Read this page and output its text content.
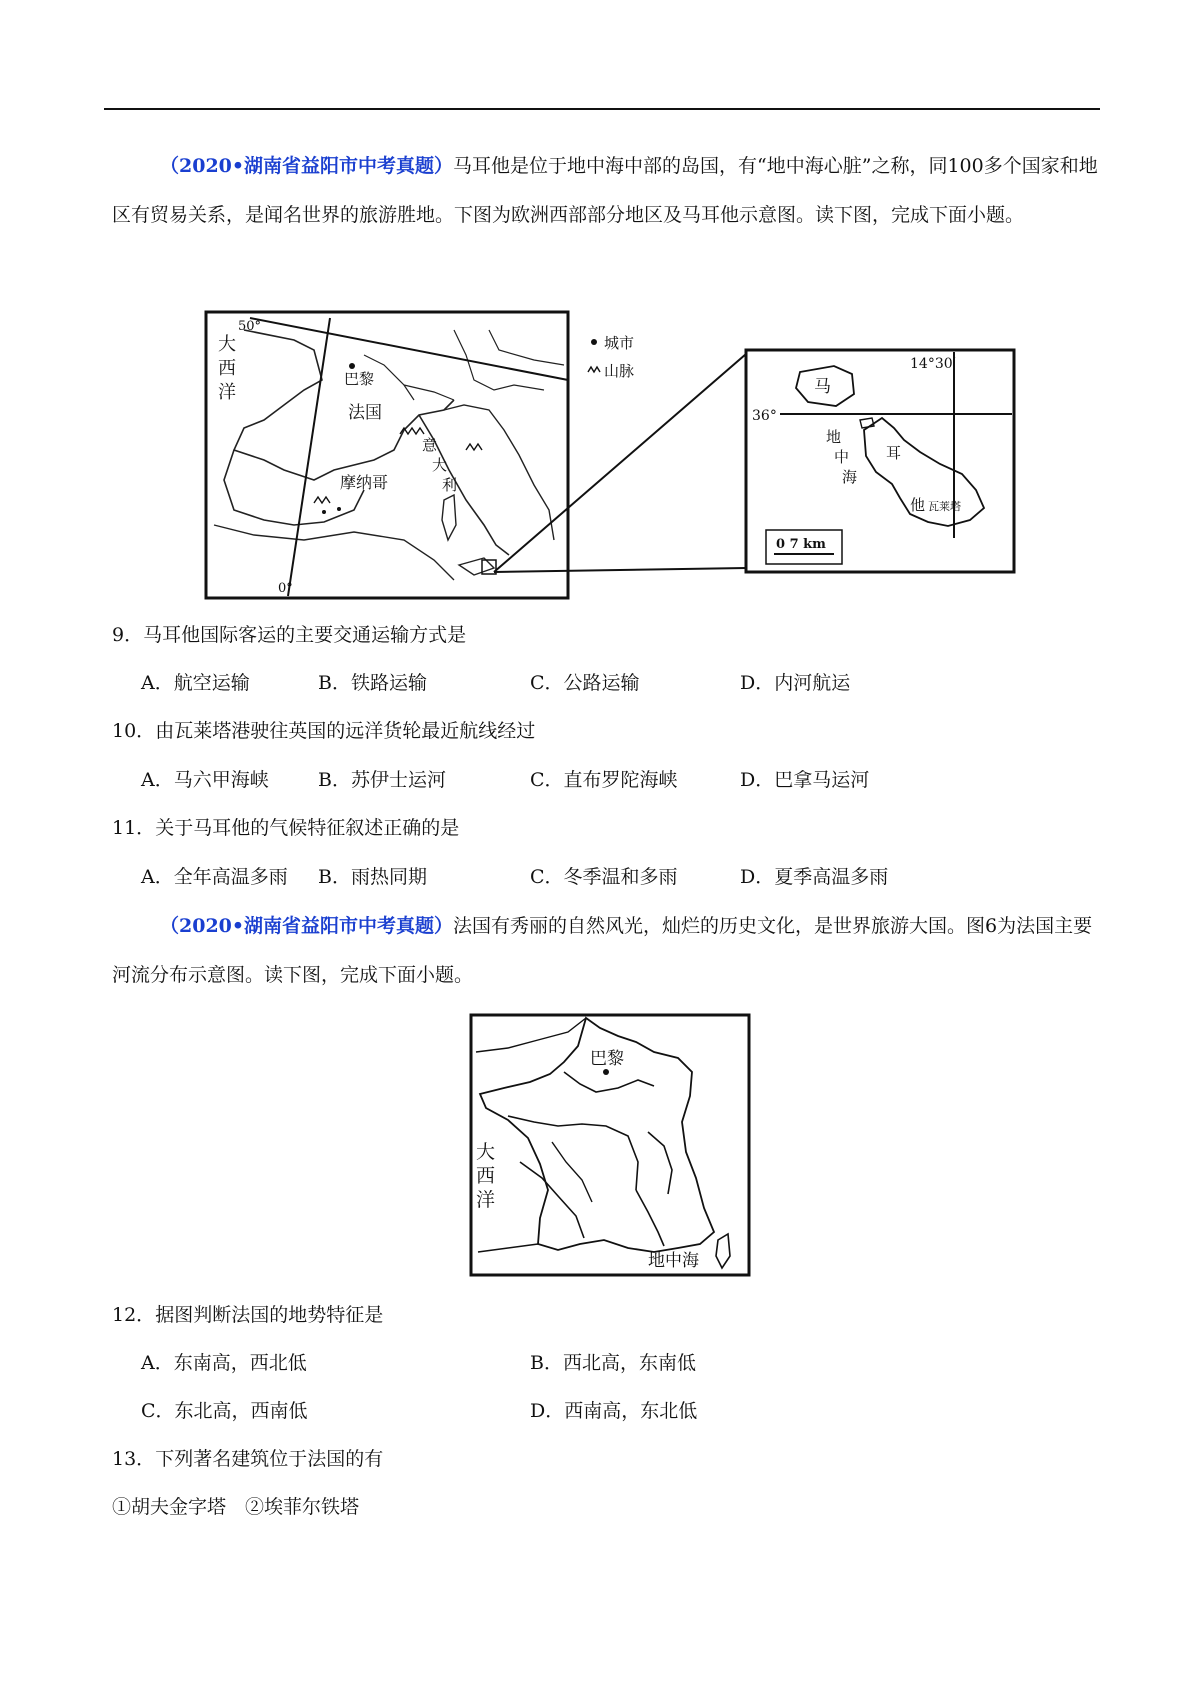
（2020•湖南省益阳市中考真题）马耳他是位于地中海中部的岛国，有“地中海心脏”之称，同100多个国家和地区有贸易关系，是闻名世界的旅游胜地。下图为欧洲西部部分地区及马耳他示意图。读下图，完成下面小题。
大
西
洋
50°
0°
巴黎
法国
摩纳哥
意
大
利
城市
山脉	14°30′
36°
马
地
中
海
耳
他 瓦莱塔
0 7 km
9．马耳他国际客运的主要交通运输方式是
A．航空运输	B．铁路运输	C．公路运输	D．内河航运
10．由瓦莱塔港驶往英国的远洋货轮最近航线经过
A．马六甲海峡	B．苏伊士运河	C．直布罗陀海峡	D．巴拿马运河
11．关于马耳他的气候特征叙述正确的是
A．全年高温多雨 B．雨热同期	C．冬季温和多雨	D．夏季高温多雨
（2020•湖南省益阳市中考真题）法国有秀丽的自然风光，灿烂的历史文化，是世界旅游大国。图6为法国主要河流分布示意图。读下图，完成下面小题。
巴黎
大
西
洋
地中海
12．据图判断法国的地势特征是
A．东南高，西北低	B．西北高，东南低
C．东北高，西南低	D．西南高，东北低
13．下列著名建筑位于法国的有
①胡夫金字塔　②埃菲尔铁塔
